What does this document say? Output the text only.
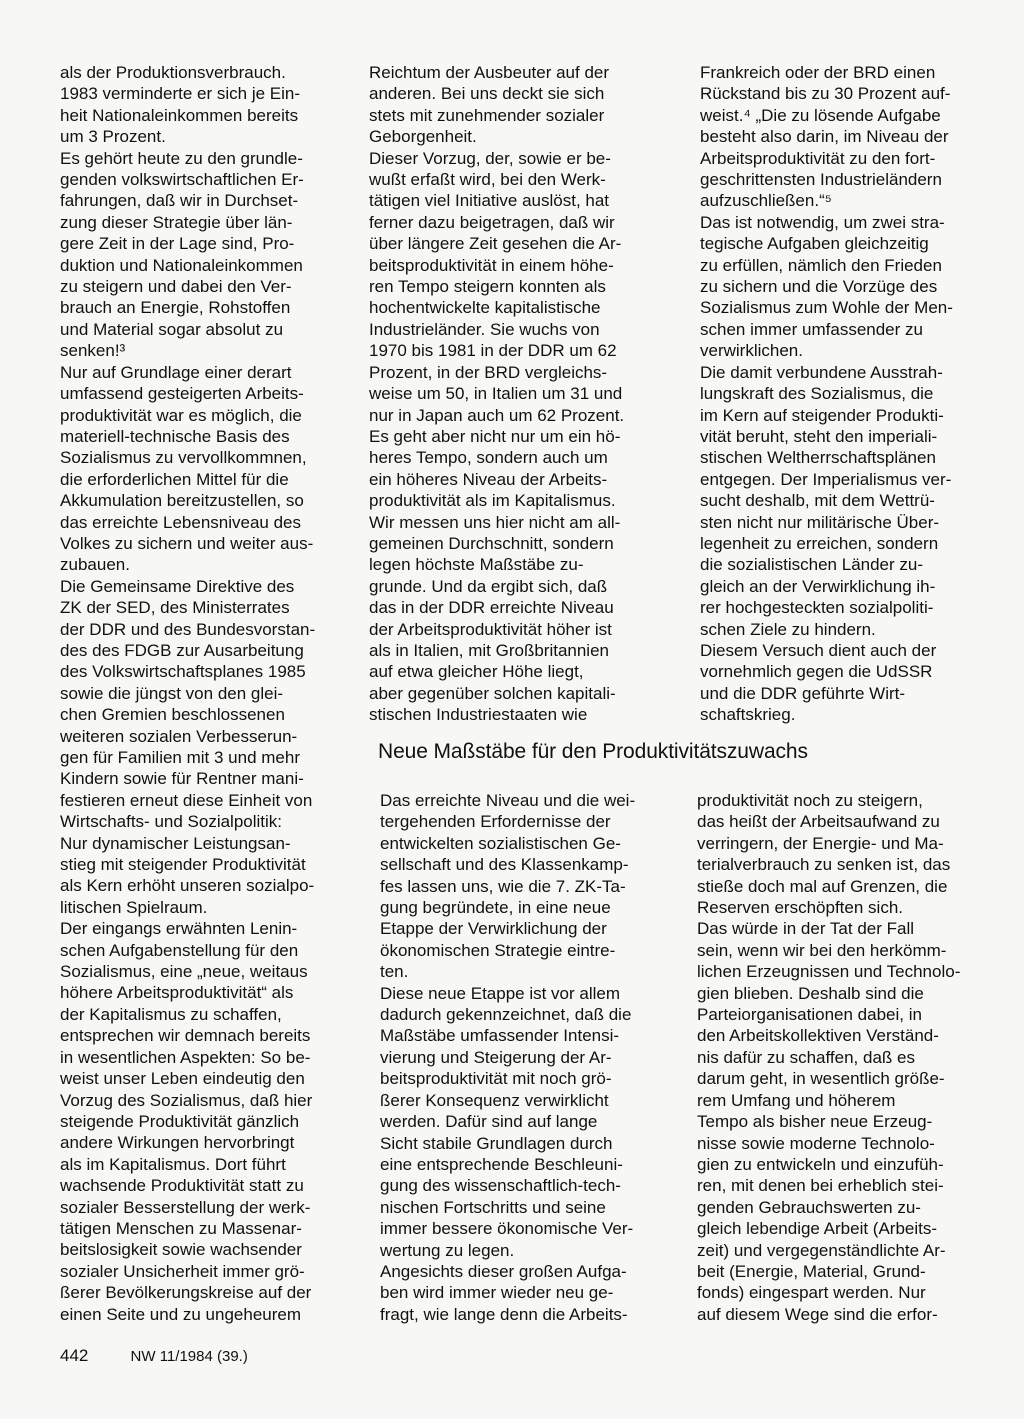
als der Produktionsverbrauch.
1983 verminderte er sich je Ein-
heit Nationaleinkommen bereits
um 3 Prozent.
Es gehört heute zu den grundle-
genden volkswirtschaftlichen Er-
fahrungen, daß wir in Durchset-
zung dieser Strategie über län-
gere Zeit in der Lage sind, Pro-
duktion und Nationaleinkommen
zu steigern und dabei den Ver-
brauch an Energie, Rohstoffen
und Material sogar absolut zu
senken!³
Nur auf Grundlage einer derart
umfassend gesteigerten Arbeits-
produktivität war es möglich, die
materiell-technische Basis des
Sozialismus zu vervollkommnen,
die erforderlichen Mittel für die
Akkumulation bereitzustellen, so
das erreichte Lebensniveau des
Volkes zu sichern und weiter aus-
zubauen.
Die Gemeinsame Direktive des
ZK der SED, des Ministerrates
der DDR und des Bundesvorstan-
des des FDGB zur Ausarbeitung
des Volkswirtschaftsplanes 1985
sowie die jüngst von den glei-
chen Gremien beschlossenen
weiteren sozialen Verbesserun-
gen für Familien mit 3 und mehr
Kindern sowie für Rentner mani-
festieren erneut diese Einheit von
Wirtschafts- und Sozialpolitik:
Nur dynamischer Leistungsan-
stieg mit steigender Produktivität
als Kern erhöht unseren sozialpo-
litischen Spielraum.
Der eingangs erwähnten Lenin-
schen Aufgabenstellung für den
Sozialismus, eine „neue, weitaus
höhere Arbeitsproduktivität“ als
der Kapitalismus zu schaffen,
entsprechen wir demnach bereits
in wesentlichen Aspekten: So be-
weist unser Leben eindeutig den
Vorzug des Sozialismus, daß hier
steigende Produktivität gänzlich
andere Wirkungen hervorbringt
als im Kapitalismus. Dort führt
wachsende Produktivität statt zu
sozialer Besserstellung der werk-
tätigen Menschen zu Massenar-
beitslosigkeit sowie wachsender
sozialer Unsicherheit immer grö-
ßerer Bevölkerungskreise auf der
einen Seite und zu ungeheurem
Reichtum der Ausbeuter auf der
anderen. Bei uns deckt sie sich
stets mit zunehmender sozialer
Geborgenheit.
Dieser Vorzug, der, sowie er be-
wußt erfaßt wird, bei den Werk-
tätigen viel Initiative auslöst, hat
ferner dazu beigetragen, daß wir
über längere Zeit gesehen die Ar-
beitsproduktivität in einem höhe-
ren Tempo steigern konnten als
hochentwickelte kapitalistische
Industrieländer. Sie wuchs von
1970 bis 1981 in der DDR um 62
Prozent, in der BRD vergleichs-
weise um 50, in Italien um 31 und
nur in Japan auch um 62 Prozent.
Es geht aber nicht nur um ein hö-
heres Tempo, sondern auch um
ein höheres Niveau der Arbeits-
produktivität als im Kapitalismus.
Wir messen uns hier nicht am all-
gemeinen Durchschnitt, sondern
legen höchste Maßstäbe zu-
grunde. Und da ergibt sich, daß
das in der DDR erreichte Niveau
der Arbeitsproduktivität höher ist
als in Italien, mit Großbritannien
auf etwa gleicher Höhe liegt,
aber gegenüber solchen kapitali-
stischen Industriestaaten wie
Frankreich oder der BRD einen
Rückstand bis zu 30 Prozent auf-
weist.⁴ „Die zu lösende Aufgabe
besteht also darin, im Niveau der
Arbeitsproduktivität zu den fort-
geschrittensten Industrieländern
aufzuschließen.“⁵
Das ist notwendig, um zwei stra-
tegische Aufgaben gleichzeitig
zu erfüllen, nämlich den Frieden
zu sichern und die Vorzüge des
Sozialismus zum Wohle der Men-
schen immer umfassender zu
verwirklichen.
Die damit verbundene Ausstrah-
lungskraft des Sozialismus, die
im Kern auf steigender Produkti-
vität beruht, steht den imperiali-
stischen Weltherrschaftsplänen
entgegen. Der Imperialismus ver-
sucht deshalb, mit dem Wettrü-
sten nicht nur militärische Über-
legenheit zu erreichen, sondern
die sozialistischen Länder zu-
gleich an der Verwirklichung ih-
rer hochgesteckten sozialpoliti-
schen Ziele zu hindern.
Diesem Versuch dient auch der
vornehmlich gegen die UdSSR
und die DDR geführte Wirt-
schaftskrieg.
Neue Maßstäbe für den Produktivitätszuwachs
Das erreichte Niveau und die wei-
tergehenden Erfordernisse der
entwickelten sozialistischen Ge-
sellschaft und des Klassenkamp-
fes lassen uns, wie die 7. ZK-Ta-
gung begründete, in eine neue
Etappe der Verwirklichung der
ökonomischen Strategie eintre-
ten.
Diese neue Etappe ist vor allem
dadurch gekennzeichnet, daß die
Maßstäbe umfassender Intensi-
vierung und Steigerung der Ar-
beitsproduktivität mit noch grö-
ßerer Konsequenz verwirklicht
werden. Dafür sind auf lange
Sicht stabile Grundlagen durch
eine entsprechende Beschleuni-
gung des wissenschaftlich-tech-
nischen Fortschritts und seine
immer bessere ökonomische Ver-
wertung zu legen.
Angesichts dieser großen Aufga-
ben wird immer wieder neu ge-
fragt, wie lange denn die Arbeits-
produktivität noch zu steigern,
das heißt der Arbeitsaufwand zu
verringern, der Energie- und Ma-
terialverbrauch zu senken ist, das
stieße doch mal auf Grenzen, die
Reserven erschöpften sich.
Das würde in der Tat der Fall
sein, wenn wir bei den herkömm-
lichen Erzeugnissen und Technolo-
gien blieben. Deshalb sind die
Parteiorganisationen dabei, in
den Arbeitskollektiven Verständ-
nis dafür zu schaffen, daß es
darum geht, in wesentlich größe-
rem Umfang und höherem
Tempo als bisher neue Erzeug-
nisse sowie moderne Technolo-
gien zu entwickeln und einzufüh-
ren, mit denen bei erheblich stei-
genden Gebrauchswerten zu-
gleich lebendige Arbeit (Arbeits-
zeit) und vergegenständlichte Ar-
beit (Energie, Material, Grund-
fonds) eingespart werden. Nur
auf diesem Wege sind die erfor-
442	NW 11/1984 (39.)
